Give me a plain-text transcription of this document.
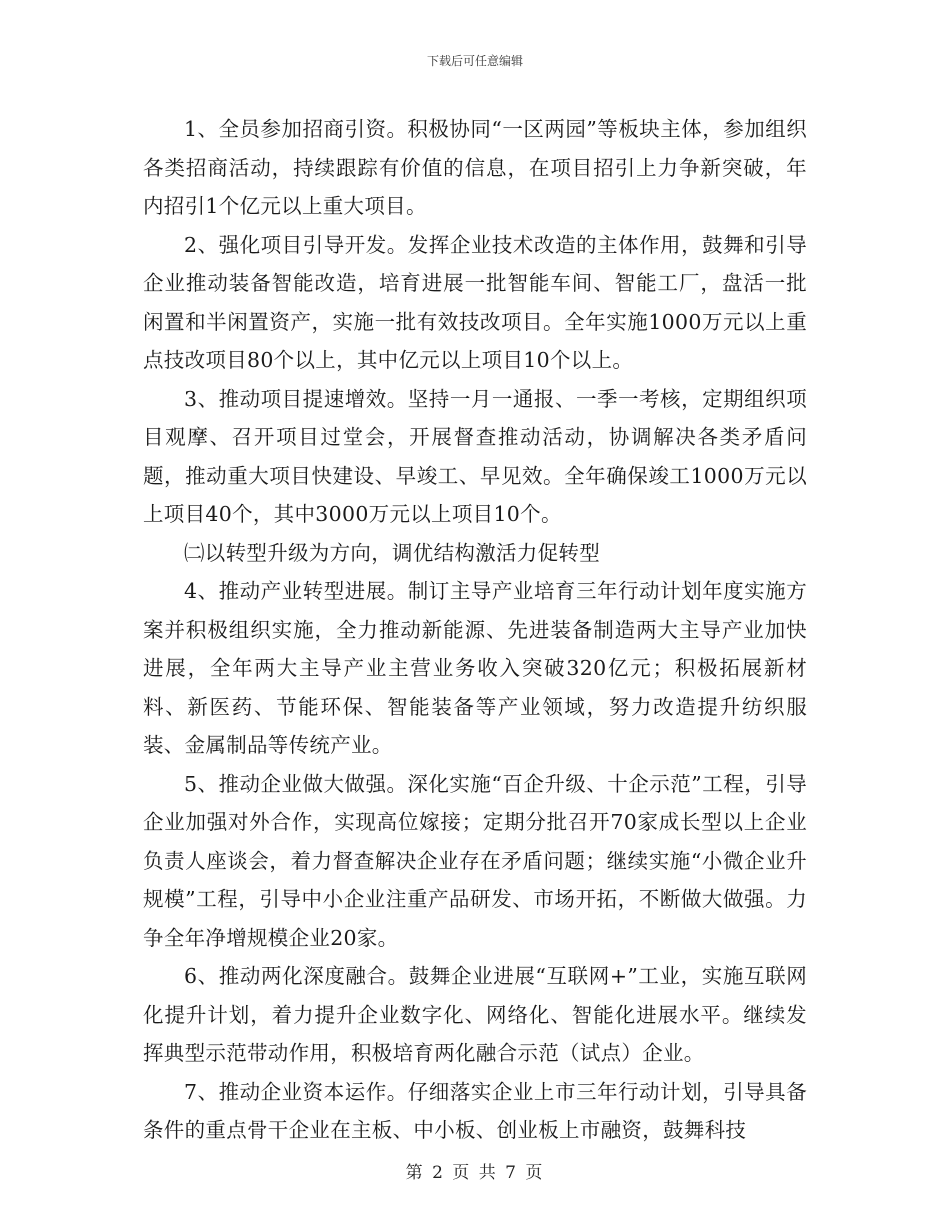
下载后可任意编辑

1、全员参加招商引资。积极协同“一区两园”等板块主体，参加组织各类招商活动，持续跟踪有价值的信息，在项目招引上力争新突破，年内招引1个亿元以上重大项目。

2、强化项目引导开发。发挥企业技术改造的主体作用，鼓舞和引导企业推动装备智能改造，培育进展一批智能车间、智能工厂，盘活一批闲置和半闲置资产，实施一批有效技改项目。全年实施1000万元以上重点技改项目80个以上，其中亿元以上项目10个以上。

3、推动项目提速增效。坚持一月一通报、一季一考核，定期组织项目观摩、召开项目过堂会，开展督查推动活动，协调解决各类矛盾问题，推动重大项目快建设、早竣工、早见效。全年确保竣工1000万元以上项目40个，其中3000万元以上项目10个。

㈡以转型升级为方向，调优结构激活力促转型

4、推动产业转型进展。制订主导产业培育三年行动计划年度实施方案并积极组织实施，全力推动新能源、先进装备制造两大主导产业加快进展，全年两大主导产业主营业务收入突破320亿元；积极拓展新材料、新医药、节能环保、智能装备等产业领域，努力改造提升纺织服装、金属制品等传统产业。

5、推动企业做大做强。深化实施“百企升级、十企示范”工程，引导企业加强对外合作，实现高位嫁接；定期分批召开70家成长型以上企业负责人座谈会，着力督查解决企业存在矛盾问题；继续实施“小微企业升规模”工程，引导中小企业注重产品研发、市场开拓，不断做大做强。力争全年净增规模企业20家。

6、推动两化深度融合。鼓舞企业进展“互联网+”工业，实施互联网化提升计划，着力提升企业数字化、网络化、智能化进展水平。继续发挥典型示范带动作用，积极培育两化融合示范（试点）企业。

7、推动企业资本运作。仔细落实企业上市三年行动计划，引导具备条件的重点骨干企业在主板、中小板、创业板上市融资，鼓舞科技

第 2 页 共 7 页
